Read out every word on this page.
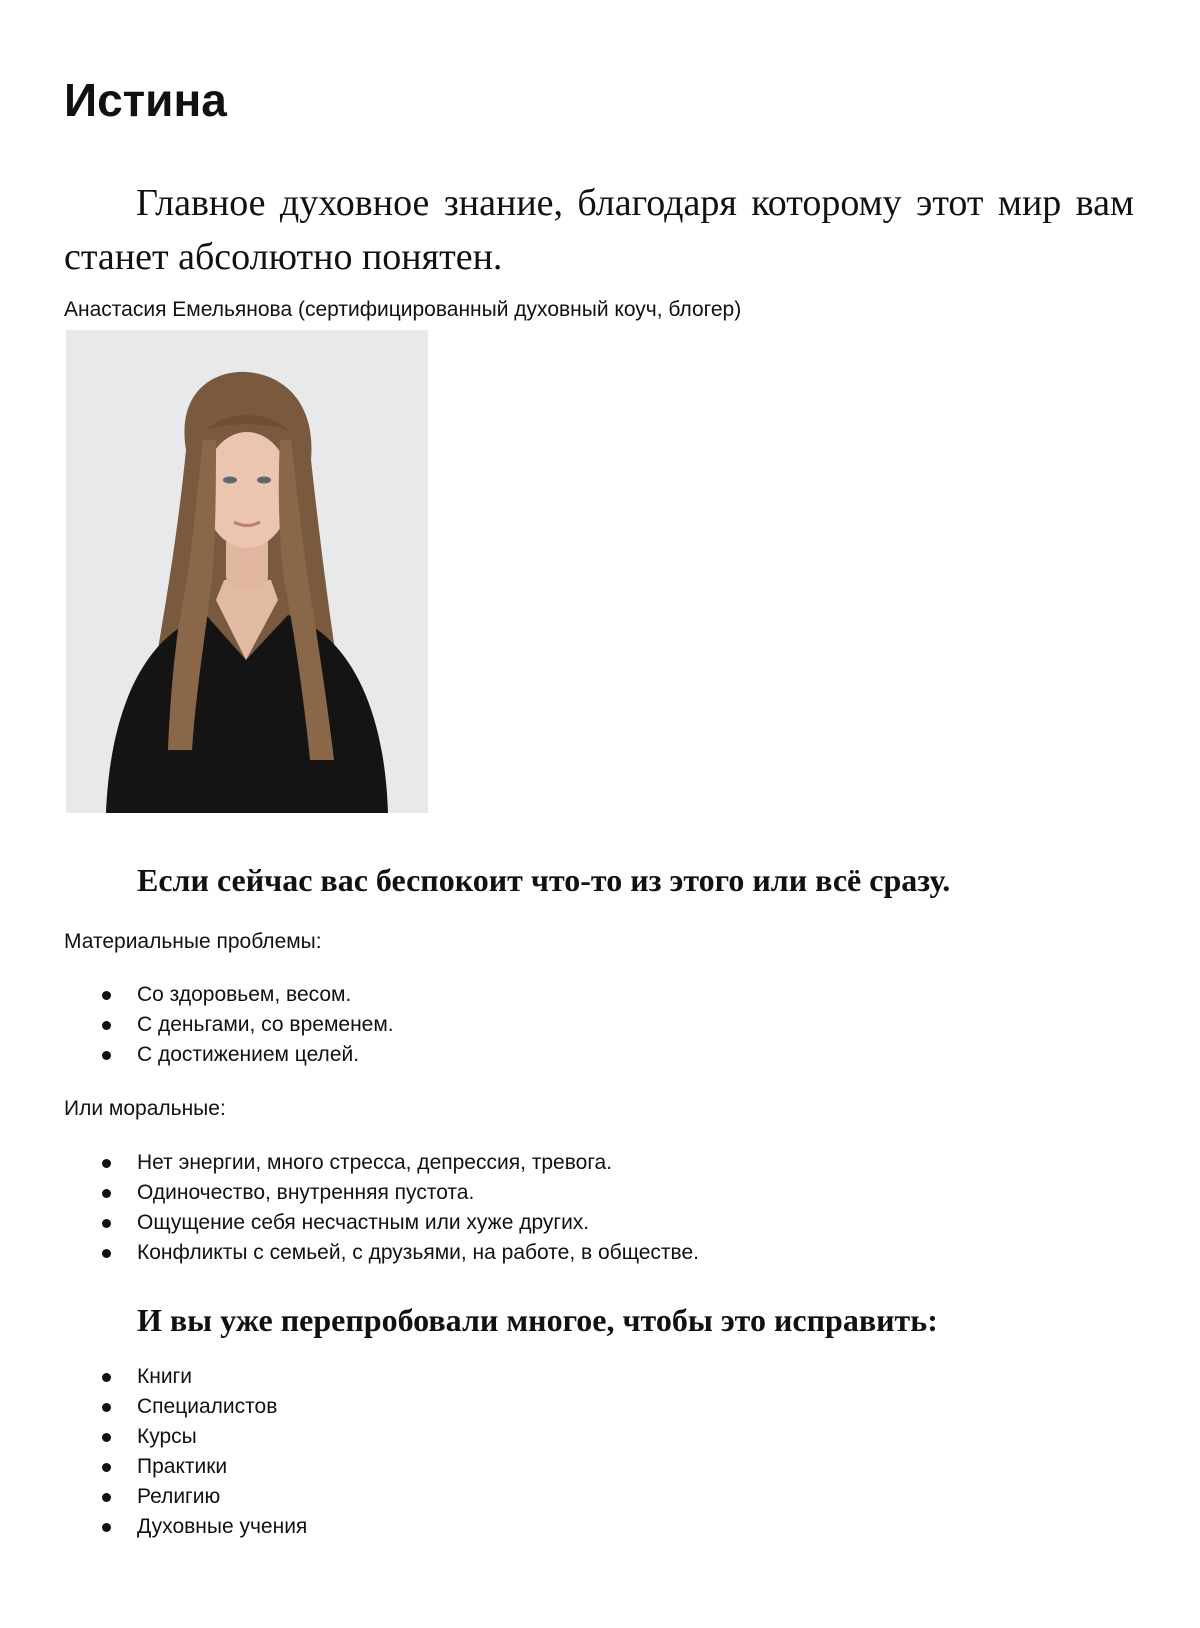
Истина

Главное духовное знание, благодаря которому этот мир вам станет абсолютно понятен.

Анастасия Емельянова (сертифицированный духовный коуч, блогер)

Если сейчас вас беспокоит что-то из этого или всё сразу.

Материальные проблемы:

Со здоровьем, весом.
С деньгами, со временем.
С достижением целей.

Или моральные:

Нет энергии, много стресса, депрессия, тревога.
Одиночество, внутренняя пустота.
Ощущение себя несчастным или хуже других.
Конфликты с семьей, с друзьями, на работе, в обществе.
И вы уже перепробовали многое, чтобы это исправить:
Книги
Специалистов
Курсы
Практики
Религию
Духовные учения
